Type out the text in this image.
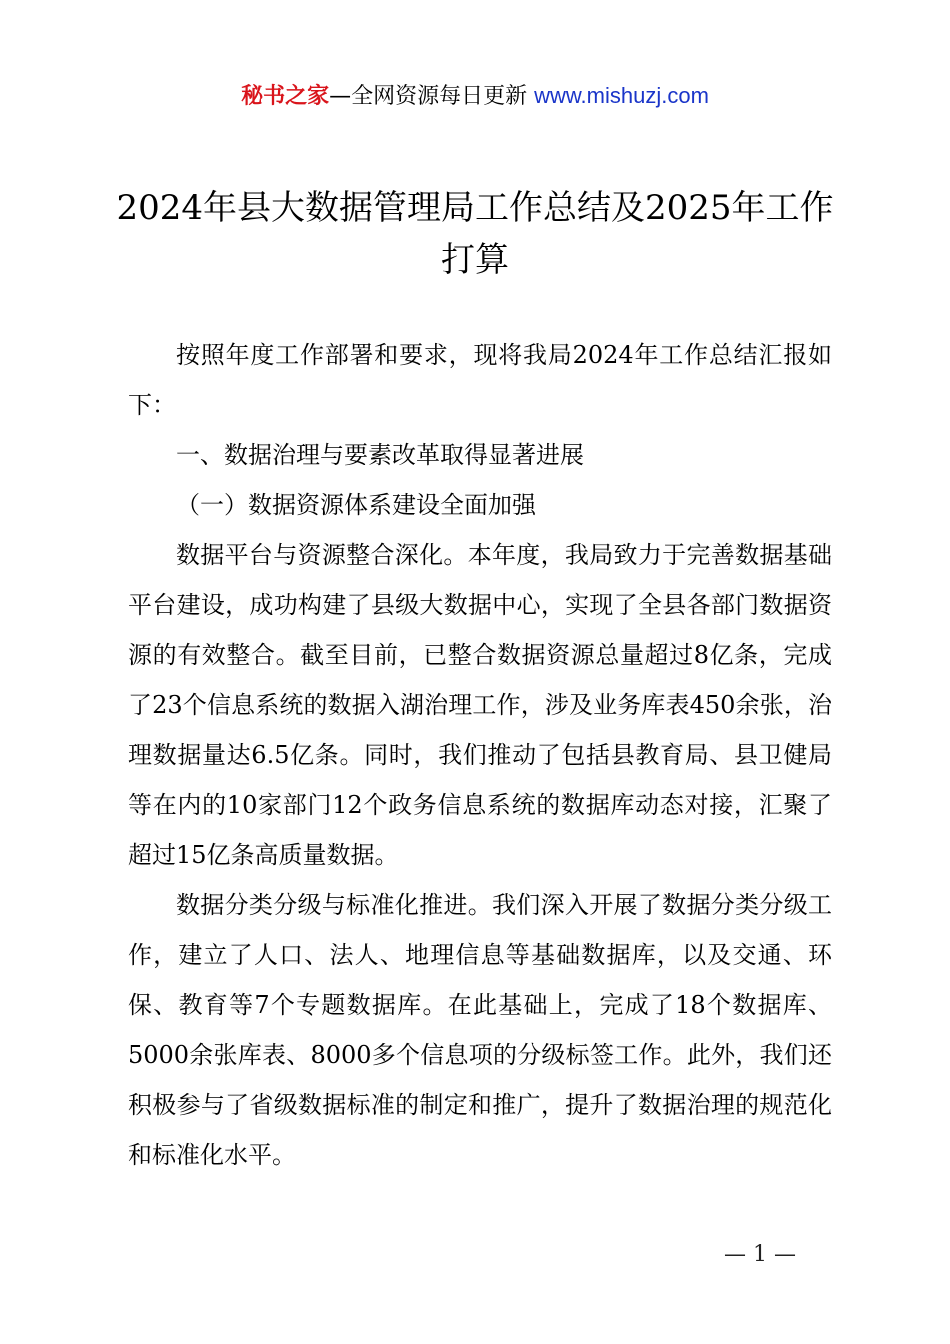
秘书之家—全网资源每日更新 www.mishuzj.com
2024年县大数据管理局工作总结及2025年工作打算

按照年度工作部署和要求，现将我局2024年工作总结汇报如下：

一、数据治理与要素改革取得显著进展

（一）数据资源体系建设全面加强

数据平台与资源整合深化。本年度，我局致力于完善数据基础平台建设，成功构建了县级大数据中心，实现了全县各部门数据资源的有效整合。截至目前，已整合数据资源总量超过8亿条，完成了23个信息系统的数据入湖治理工作，涉及业务库表450余张，治理数据量达6.5亿条。同时，我们推动了包括县教育局、县卫健局等在内的10家部门12个政务信息系统的数据库动态对接，汇聚了超过15亿条高质量数据。

数据分类分级与标准化推进。我们深入开展了数据分类分级工作，建立了人口、法人、地理信息等基础数据库，以及交通、环保、教育等7个专题数据库。在此基础上，完成了18个数据库、5000余张库表、8000多个信息项的分级标签工作。此外，我们还积极参与了省级数据标准的制定和推广，提升了数据治理的规范化和标准化水平。

— 1 —
